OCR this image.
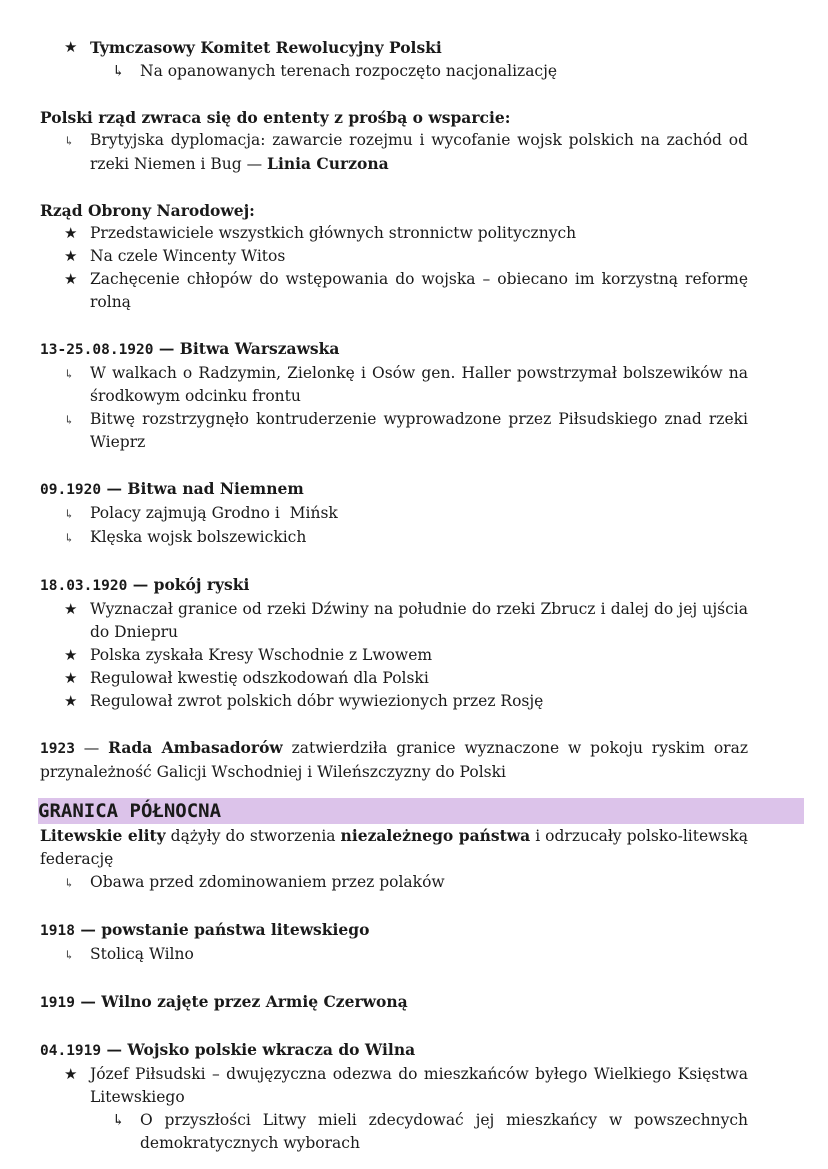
★ Tymczasowy Komitet Rewolucyjny Polski
↳ Na opanowanych terenach rozpoczęto nacjonalizację
Polski rząd zwraca się do ententy z prośbą o wsparcie:
↳	Brytyjska dyplomacja: zawarcie rozejmu i wycofanie wojsk polskich na zachód od rzeki Niemen i Bug — Linia Curzona
Rząd Obrony Narodowej:
★ Przedstawiciele wszystkich głównych stronnictw politycznych
★ Na czele Wincenty Witos
★ Zachęcenie chłopów do wstępowania do wojska – obiecano im korzystną reformę rolną
13-25.08.1920 — Bitwa Warszawska
↳	W walkach o Radzymin, Zielonkę i Osów gen. Haller powstrzymał bolszewików na środkowym odcinku frontu
↳	Bitwę rozstrzygnęło kontruderzenie wyprowadzone przez Piłsudskiego znad rzeki Wieprz
09.1920 — Bitwa nad Niemnem
↳	Polacy zajmują Grodno i  Mińsk
↳	Klęska wojsk bolszewickich
18.03.1920 — pokój ryski
★ Wyznaczał granice od rzeki Dźwiny na południe do rzeki Zbrucz i dalej do jej ujścia do Dniepru
★ Polska zyskała Kresy Wschodnie z Lwowem
★ Regulował kwestię odszkodowań dla Polski
★ Regulował zwrot polskich dóbr wywiezionych przez Rosję
1923 — Rada Ambasadorów zatwierdziła granice wyznaczone w pokoju ryskim oraz przynależność Galicji Wschodniej i Wileńszczyzny do Polski
GRANICA PÓŁNOCNA
Litewskie elity dążyły do stworzenia niezależnego państwa i odrzucały polsko-litewską federację
↳	Obawa przed zdominowaniem przez polaków
1918 — powstanie państwa litewskiego
↳	Stolicą Wilno
1919 — Wilno zajęte przez Armię Czerwoną
04.1919 — Wojsko polskie wkracza do Wilna
★ Józef Piłsudski – dwujęzyczna odezwa do mieszkańców byłego Wielkiego Księstwa Litewskiego
↳ O przyszłości Litwy mieli zdecydować jej mieszkańcy w powszechnych demokratycznych wyborach
